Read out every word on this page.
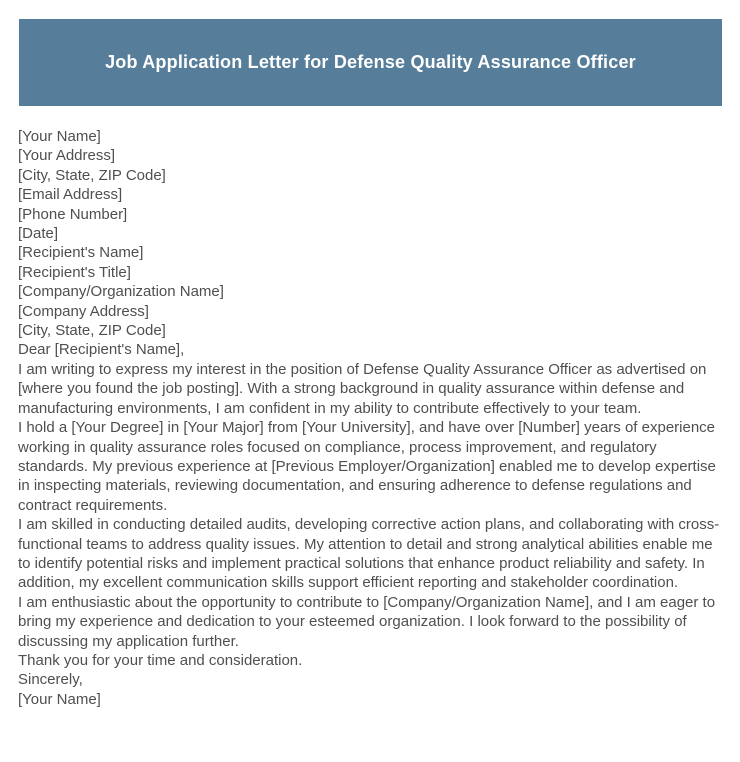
Job Application Letter for Defense Quality Assurance Officer

[Your Name]

[Your Address]

[City, State, ZIP Code]

[Email Address]

[Phone Number]

[Date]

[Recipient's Name]

[Recipient's Title]

[Company/Organization Name]

[Company Address]

[City, State, ZIP Code]

Dear [Recipient's Name],

I am writing to express my interest in the position of Defense Quality Assurance Officer as advertised on [where you found the job posting]. With a strong background in quality assurance within defense and manufacturing environments, I am confident in my ability to contribute effectively to your team.

I hold a [Your Degree] in [Your Major] from [Your University], and have over [Number] years of experience working in quality assurance roles focused on compliance, process improvement, and regulatory standards. My previous experience at [Previous Employer/Organization] enabled me to develop expertise in inspecting materials, reviewing documentation, and ensuring adherence to defense regulations and contract requirements.

I am skilled in conducting detailed audits, developing corrective action plans, and collaborating with cross-functional teams to address quality issues. My attention to detail and strong analytical abilities enable me to identify potential risks and implement practical solutions that enhance product reliability and safety. In addition, my excellent communication skills support efficient reporting and stakeholder coordination.

I am enthusiastic about the opportunity to contribute to [Company/Organization Name], and I am eager to bring my experience and dedication to your esteemed organization. I look forward to the possibility of discussing my application further.

Thank you for your time and consideration.

Sincerely,

[Your Name]
